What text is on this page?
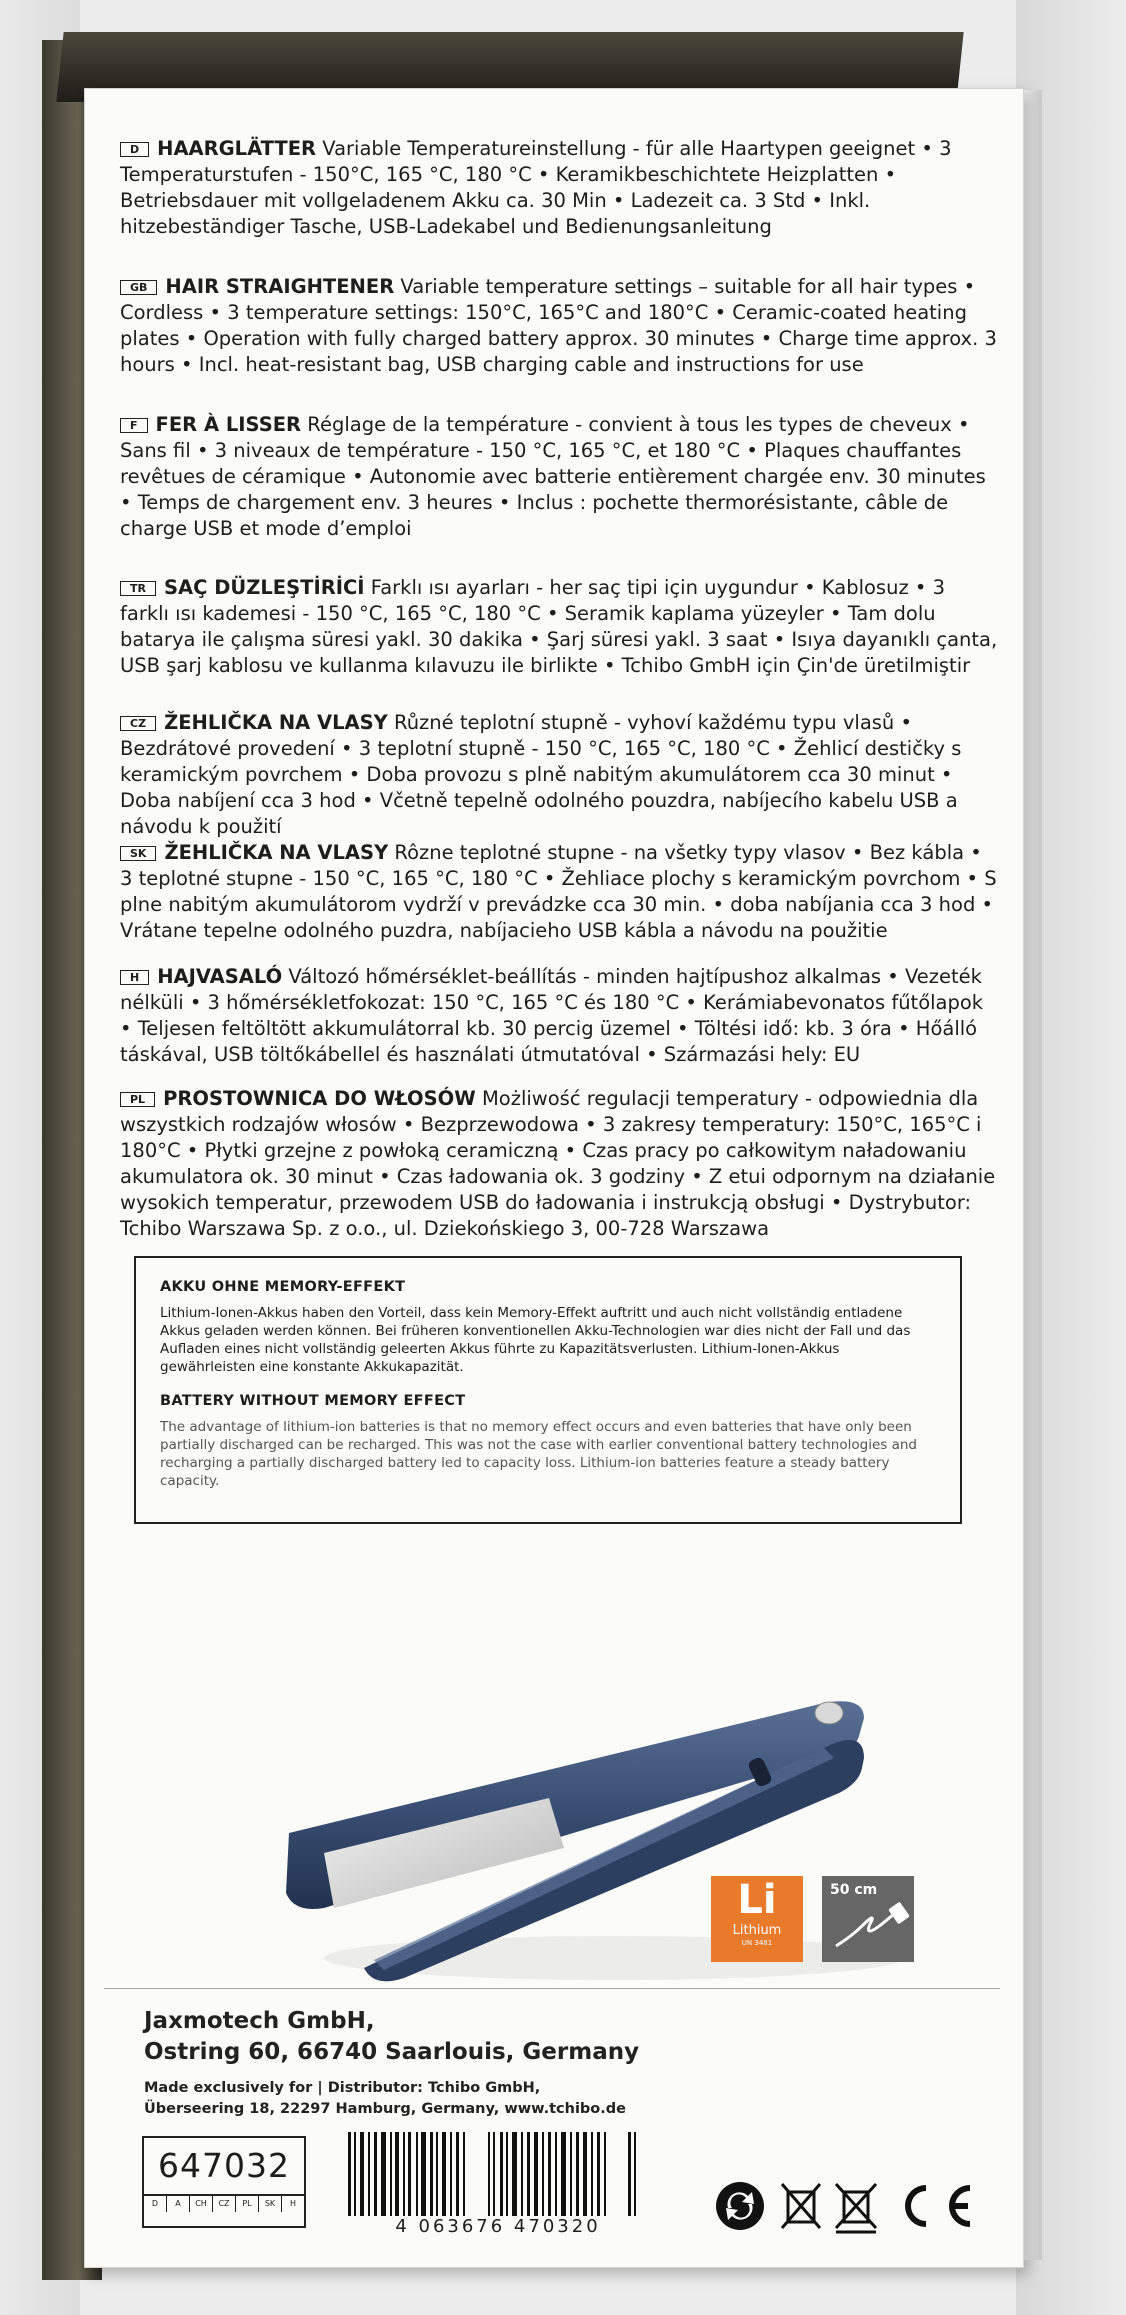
D HAARGLÄTTER Variable Temperatureinstellung - für alle Haartypen geeignet • 3 Temperaturstufen - 150°C, 165 °C, 180 °C • Keramikbeschichtete Heizplatten • Betriebsdauer mit vollgeladenem Akku ca. 30 Min • Ladezeit ca. 3 Std • Inkl. hitzebeständiger Tasche, USB-Ladekabel und Bedienungsanleitung
GB HAIR STRAIGHTENER Variable temperature settings – suitable for all hair types • Cordless • 3 temperature settings: 150°C, 165°C and 180°C • Ceramic-coated heating plates • Operation with fully charged battery approx. 30 minutes • Charge time approx. 3 hours • Incl. heat-resistant bag, USB charging cable and instructions for use
F FER À LISSER Réglage de la température - convient à tous les types de cheveux • Sans fil • 3 niveaux de température - 150 °C, 165 °C, et 180 °C • Plaques chauffantes revêtues de céramique • Autonomie avec batterie entièrement chargée env. 30 minutes • Temps de chargement env. 3 heures • Inclus : pochette thermorésistante, câble de charge USB et mode d’emploi
TR SAÇ DÜZLEŞTİRİCİ Farklı ısı ayarları - her saç tipi için uygundur • Kablosuz • 3 farklı ısı kademesi - 150 °C, 165 °C, 180 °C • Seramik kaplama yüzeyler • Tam dolu batarya ile çalışma süresi yakl. 30 dakika • Şarj süresi yakl. 3 saat • Isıya dayanıklı çanta, USB şarj kablosu ve kullanma kılavuzu ile birlikte • Tchibo GmbH için Çin'de üretilmiştir
CZ ŽEHLIČKA NA VLASY Různé teplotní stupně - vyhoví každému typu vlasů • Bezdrátové provedení • 3 teplotní stupně - 150 °C, 165 °C, 180 °C • Žehlicí destičky s keramickým povrchem • Doba provozu s plně nabitým akumulátorem cca 30 minut • Doba nabíjení cca 3 hod • Včetně tepelně odolného pouzdra, nabíjecího kabelu USB a návodu k použití
SK ŽEHLIČKA NA VLASY Rôzne teplotné stupne - na všetky typy vlasov • Bez kábla • 3 teplotné stupne - 150 °C, 165 °C, 180 °C • Žehliace plochy s keramickým povrchom • S plne nabitým akumulátorom vydrží v prevádzke cca 30 min. • doba nabíjania cca 3 hod • Vrátane tepelne odolného puzdra, nabíjacieho USB kábla a návodu na použitie
H HAJVASALÓ Változó hőmérséklet-beállítás - minden hajtípushoz alkalmas • Vezeték nélküli • 3 hőmérsékletfokozat: 150 °C, 165 °C és 180 °C • Kerámiabevonatos fűtőlapok • Teljesen feltöltött akkumulátorral kb. 30 percig üzemel • Töltési idő: kb. 3 óra • Hőálló táskával, USB töltőkábellel és használati útmutatóval • Származási hely: EU
PL PROSTOWNICA DO WŁOSÓW Możliwość regulacji temperatury - odpowiednia dla wszystkich rodzajów włosów • Bezprzewodowa • 3 zakresy temperatury: 150°C, 165°C i 180°C • Płytki grzejne z powłoką ceramiczną • Czas pracy po całkowitym naładowaniu akumulatora ok. 30 minut • Czas ładowania ok. 3 godziny • Z etui odpornym na działanie wysokich temperatur, przewodem USB do ładowania i instrukcją obsługi • Dystrybutor: Tchibo Warszawa Sp. z o.o., ul. Dziekońskiego 3, 00-728 Warszawa
AKKU OHNE MEMORY-EFFEKT
Lithium-Ionen-Akkus haben den Vorteil, dass kein Memory-Effekt auftritt und auch nicht vollständig entladene Akkus geladen werden können. Bei früheren konventionellen Akku-Technologien war dies nicht der Fall und das Aufladen eines nicht vollständig geleerten Akkus führte zu Kapazitätsverlusten. Lithium-Ionen-Akkus gewährleisten eine konstante Akkukapazität.
BATTERY WITHOUT MEMORY EFFECT
The advantage of lithium-ion batteries is that no memory effect occurs and even batteries that have only been partially discharged can be recharged. This was not the case with earlier conventional battery technologies and recharging a partially discharged battery led to capacity loss. Lithium-ion batteries feature a steady battery capacity.
Li
Lithium
UN 3481
50 cm
Jaxmotech GmbH,
Ostring 60, 66740 Saarlouis, Germany
Made exclusively for | Distributor: Tchibo GmbH,
Überseering 18, 22297 Hamburg, Germany, www.tchibo.de
647032
D	A	CH	CZ	PL	SK	H
4 063676 470320
